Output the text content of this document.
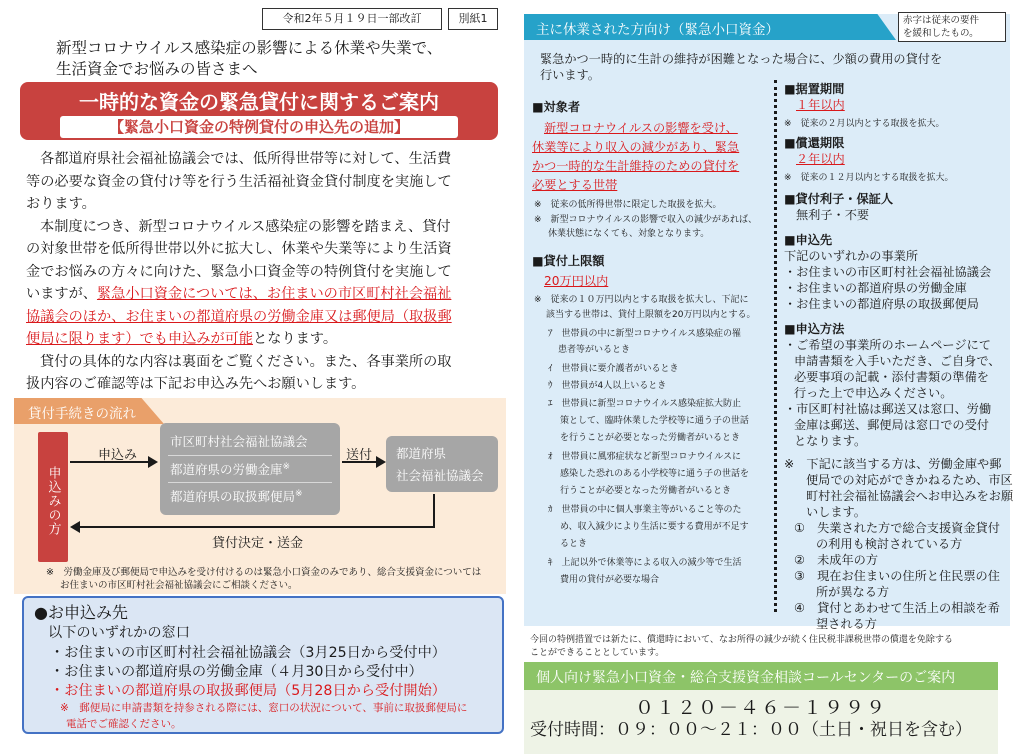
令和2年５月１９日一部改訂	別紙1
新型コロナウイルス感染症の影響による休業や失業で、
生活資金でお悩みの皆さまへ
一時的な資金の緊急貸付に関するご案内
【緊急小口資金の特例貸付の申込先の追加】
各都道府県社会福祉協議会では、低所得世帯等に対して、生活費
等の必要な資金の貸付け等を行う生活福祉資金貸付制度を実施して
おります。
本制度につき、新型コロナウイルス感染症の影響を踏まえ、貸付
の対象世帯を低所得世帯以外に拡大し、休業や失業等により生活資
金でお悩みの方々に向けた、緊急小口資金等の特例貸付を実施して
いますが、緊急小口資金については、お住まいの市区町村社会福祉
協議会のほか、お住まいの都道府県の労働金庫又は郵便局（取扱郵
便局に限ります）でも申込みが可能となります。
貸付の具体的な内容は裏面をご覧ください。また、各事業所の取
扱内容のご確認等は下記お申込み先へお願いします。
貸付手続きの流れ
申込みの方
申込み	送付
貸付決定・送金
市区町村社会福祉協議会
都道府県の労働金庫※
都道府県の取扱郵便局※
都道府県
社会福祉協議会
※　労働金庫及び郵便局で申込みを受け付けるのは緊急小口資金のみであり、総合支援資金については
お住まいの市区町村社会福祉協議会にご相談ください。
●お申込み先
以下のいずれかの窓口
・お住まいの市区町村社会福祉協議会（3月25日から受付中）
・お住まいの都道府県の労働金庫（４月30日から受付中）
・お住まいの都道府県の取扱郵便局（5月28日から受付開始）
※　郵便局に申請書類を持参される際には、窓口の状況について、事前に取扱郵便局に
電話でご確認ください。
主に休業された方向け（緊急小口資金）
赤字は従来の要件
を緩和したもの。
緊急かつ一時的に生計の維持が困難となった場合に、少額の費用の貸付を
行います。
■対象者
新型コロナウイルスの影響を受け、
休業等により収入の減少があり、緊急
かつ一時的な生計維持のための貸付を
必要とする世帯
※　従来の低所得世帯に限定した取扱を拡大。
※　新型コロナウイルスの影響で収入の減少があれば、
休業状態になくても、対象となります。
■貸付上限額
20万円以内
※　従来の１０万円以内とする取扱を拡大し、下記に
該当する世帯は、貸付上限額を20万円以内とする。
ｱ　世帯員の中に新型コロナウイルス感染症の罹
患者等がいるとき
ｲ　世帯員に要介護者がいるとき
ｳ　世帯員が4人以上いるとき
ｴ　世帯員に新型コロナウイルス感染症拡大防止
策として、臨時休業した学校等に通う子の世話
を行うことが必要となった労働者がいるとき
ｵ　世帯員に風邪症状など新型コロナウイルスに
感染した恐れのある小学校等に通う子の世話を
行うことが必要となった労働者がいるとき
ｶ　世帯員の中に個人事業主等がいること等のた
め、収入減少により生活に要する費用が不足す
るとき
ｷ　上記以外で休業等による収入の減少等で生活
費用の貸付が必要な場合
■据置期間
１年以内
※　従来の２月以内とする取扱を拡大。
■償還期限
２年以内
※　従来の１２月以内とする取扱を拡大。
■貸付利子・保証人
無利子・不要
■申込先
下記のいずれかの事業所
・お住まいの市区町村社会福祉協議会
・お住まいの都道府県の労働金庫
・お住まいの都道府県の取扱郵便局
■申込方法
・ご希望の事業所のホームページにて
申請書類を入手いただき、ご自身で、
必要事項の記載・添付書類の準備を
行った上で申込みください。
・市区町村社協は郵送又は窓口、労働
金庫は郵送、郵便局は窓口での受付
となります。
※　下記に該当する方は、労働金庫や郵
便局での対応ができかねるため、市区
町村社会福祉協議会へお申込みをお願
いします。
①　失業された方で総合支援資金貸付
の利用も検討されている方
②　未成年の方
③　現在お住まいの住所と住民票の住
所が異なる方
④　貸付とあわせて生活上の相談を希
望される方
今回の特例措置では新たに、償還時において、なお所得の減少が続く住民税非課税世帯の償還を免除する
ことができることとしています。
個人向け緊急小口資金・総合支援資金相談コールセンターのご案内
０１２０－４６－１９９９
受付時間：０９：００～２１：００（土日・祝日を含む）
